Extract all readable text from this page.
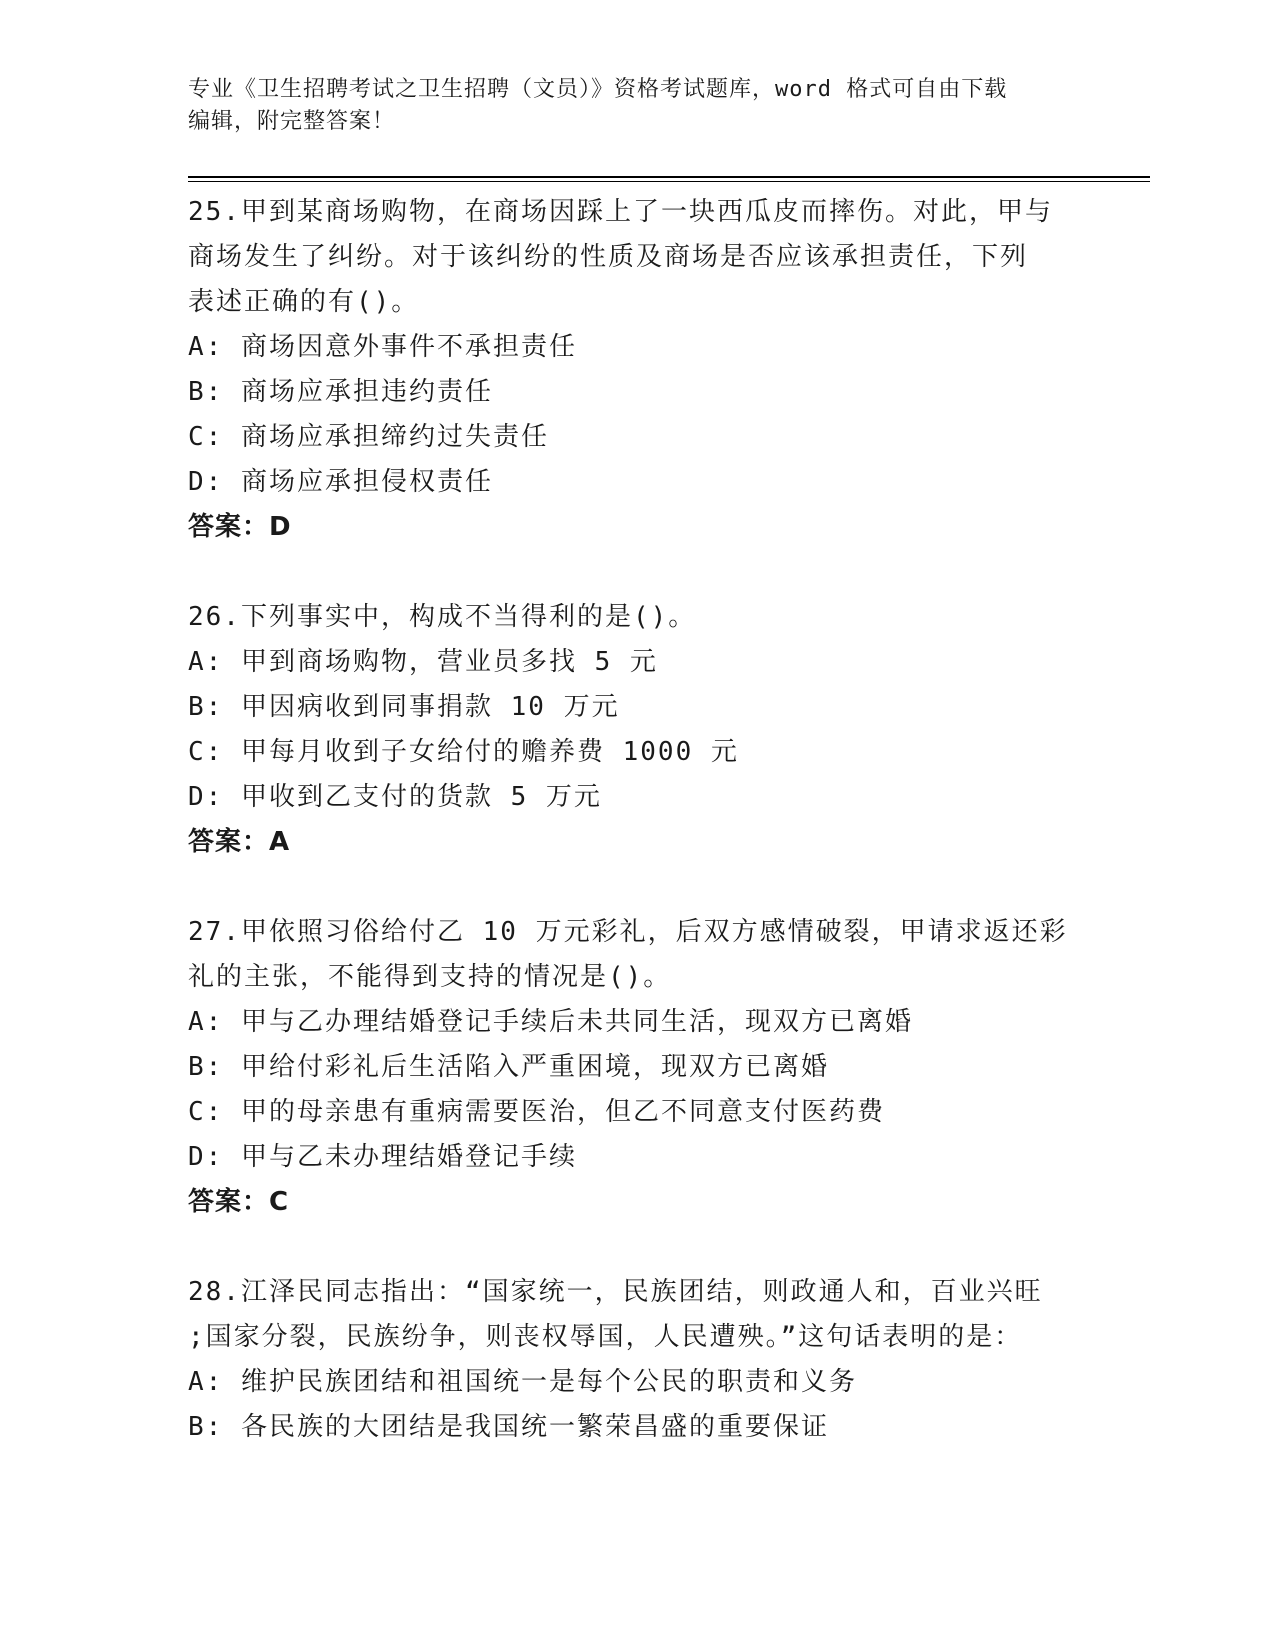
专业《卫生招聘考试之卫生招聘（文员）》资格考试题库，word 格式可自由下载
编辑，附完整答案！
25.甲到某商场购物，在商场因踩上了一块西瓜皮而摔伤。对此，甲与
商场发生了纠纷。对于该纠纷的性质及商场是否应该承担责任，下列
表述正确的有()。
A: 商场因意外事件不承担责任
B: 商场应承担违约责任
C: 商场应承担缔约过失责任
D: 商场应承担侵权责任
答案：D
26.下列事实中，构成不当得利的是()。
A: 甲到商场购物，营业员多找 5 元
B: 甲因病收到同事捐款 10 万元
C: 甲每月收到子女给付的赡养费 1000 元
D: 甲收到乙支付的货款 5 万元
答案：A
27.甲依照习俗给付乙 10 万元彩礼，后双方感情破裂，甲请求返还彩
礼的主张，不能得到支持的情况是()。
A: 甲与乙办理结婚登记手续后未共同生活，现双方已离婚
B: 甲给付彩礼后生活陷入严重困境，现双方已离婚
C: 甲的母亲患有重病需要医治，但乙不同意支付医药费
D: 甲与乙未办理结婚登记手续
答案：C
28.江泽民同志指出：“国家统一，民族团结，则政通人和，百业兴旺
;国家分裂，民族纷争，则丧权辱国，人民遭殃。”这句话表明的是：
A: 维护民族团结和祖国统一是每个公民的职责和义务
B: 各民族的大团结是我国统一繁荣昌盛的重要保证
